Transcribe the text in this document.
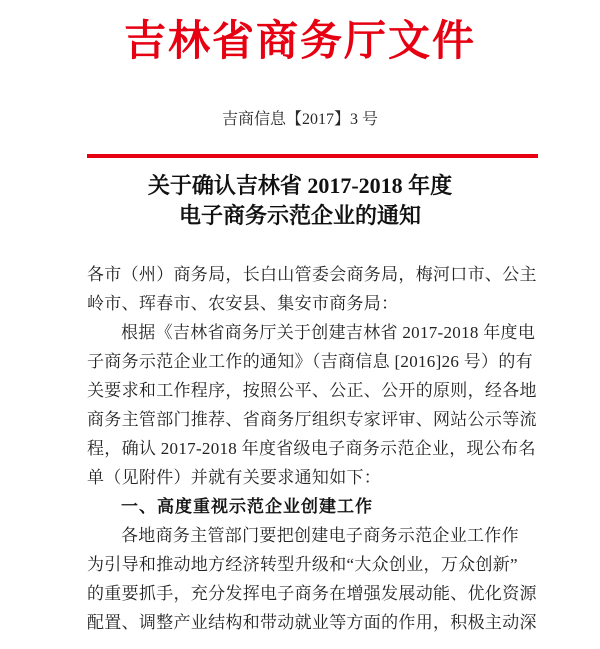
吉林省商务厅文件
吉商信息【2017】3 号
关于确认吉林省 2017-2018 年度
电子商务示范企业的通知
各市（州）商务局，长白山管委会商务局，梅河口市、公主
岭市、珲春市、农安县、集安市商务局：
根据《吉林省商务厅关于创建吉林省 2017-2018 年度电
子商务示范企业工作的通知》（吉商信息 [2016]26 号）的有
关要求和工作程序，按照公平、公正、公开的原则，经各地
商务主管部门推荐、省商务厅组织专家评审、网站公示等流
程，确认 2017-2018 年度省级电子商务示范企业，现公布名
单（见附件）并就有关要求通知如下：
一、高度重视示范企业创建工作
各地商务主管部门要把创建电子商务示范企业工作作
为引导和推动地方经济转型升级和“大众创业，万众创新”
的重要抓手，充分发挥电子商务在增强发展动能、优化资源
配置、调整产业结构和带动就业等方面的作用，积极主动深
